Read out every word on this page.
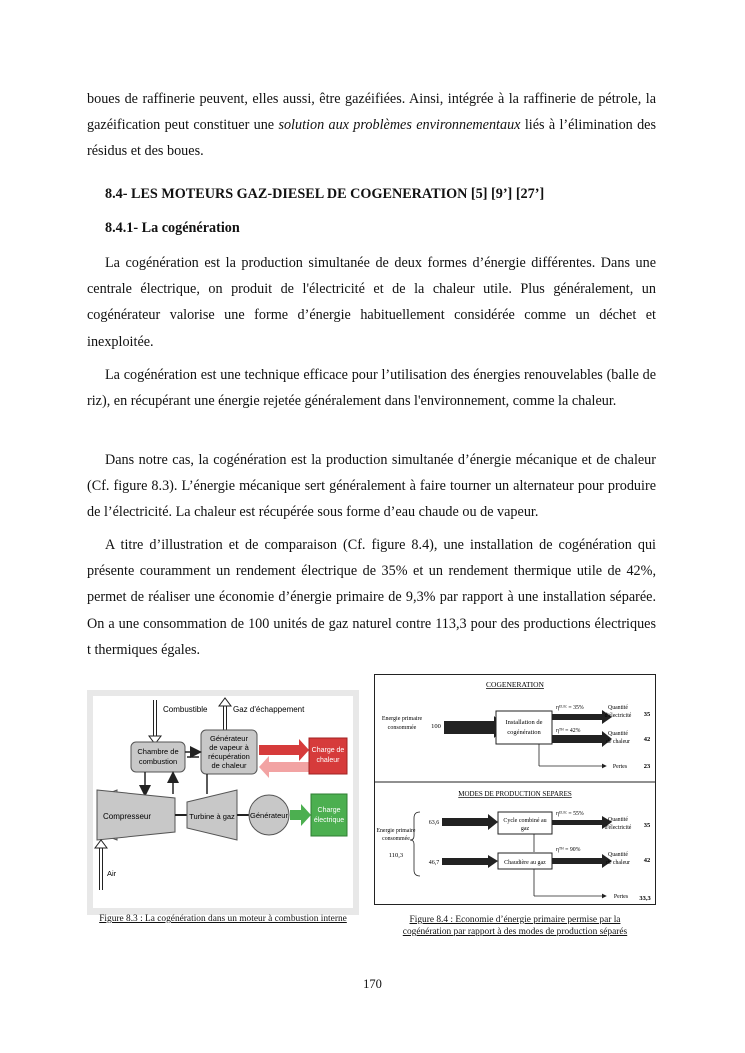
boues de raffinerie peuvent, elles aussi, être gazéifiées. Ainsi, intégrée à la raffinerie de pétrole, la gazéification peut constituer une solution aux problèmes environnementaux liés à l’élimination des résidus et des boues.

8.4- LES MOTEURS GAZ-DIESEL DE COGENERATION [5] [9’] [27’]
8.4.1- La cogénération

La cogénération est la production simultanée de deux formes d’énergie différentes. Dans une centrale électrique, on produit de l'électricité et de la chaleur utile. Plus généralement, un cogénérateur valorise une forme d’énergie habituellement considérée comme un déchet et inexploitée.

La cogénération est une technique efficace pour l’utilisation des énergies renouvelables (balle de riz), en récupérant une énergie rejetée généralement dans l'environnement, comme la chaleur.

Dans notre cas, la cogénération est la production simultanée d’énergie mécanique et de chaleur (Cf. figure 8.3). L’énergie mécanique sert généralement à faire tourner un alternateur pour produire de l’électricité. La chaleur est récupérée sous forme d’eau chaude ou de vapeur.

A titre d’illustration et de comparaison (Cf. figure 8.4), une installation de cogénération qui présente couramment un rendement électrique de 35% et un rendement thermique utile de 42%, permet de réaliser une économie d’énergie primaire de 9,3% par rapport à une installation séparée. On a une consommation de 100 unités de gaz naturel contre 113,3 pour des productions électriques t thermiques égales.

Combustible	Gaz d'échappement
Chambre de
combustion
Générateur
de vapeur à
récupération
de chaleur
Charge de
chaleur
Compresseur	Turbine à gaz Générateur
Charge
électrique
Air
Figure 8.3 : La cogénération dans un moteur à combustion interne
COGENERATION
Energie primaire
consommée 100
Installation de
cogénération
ηᴱᴸᴱᶜ = 35%
ηᵀᴴ = 42%
Quantité
d'électricité 35
Quantité
de chaleur 42
Pertes	23
MODES DE PRODUCTION SEPARES
Energie primaire
consommée
110,3
63,6
46,7
Cycle combiné au
gaz
Chaudière au gaz
ηᴱᴸᴱᶜ = 55%
ηᵀᴴ = 90%
Quantité
d'électricité 35
Quantité
de chaleur 42
Pertes 33,3
Figure 8.4 : Economie d’énergie primaire permise par la
cogénération par rapport à des modes de production séparés
170
